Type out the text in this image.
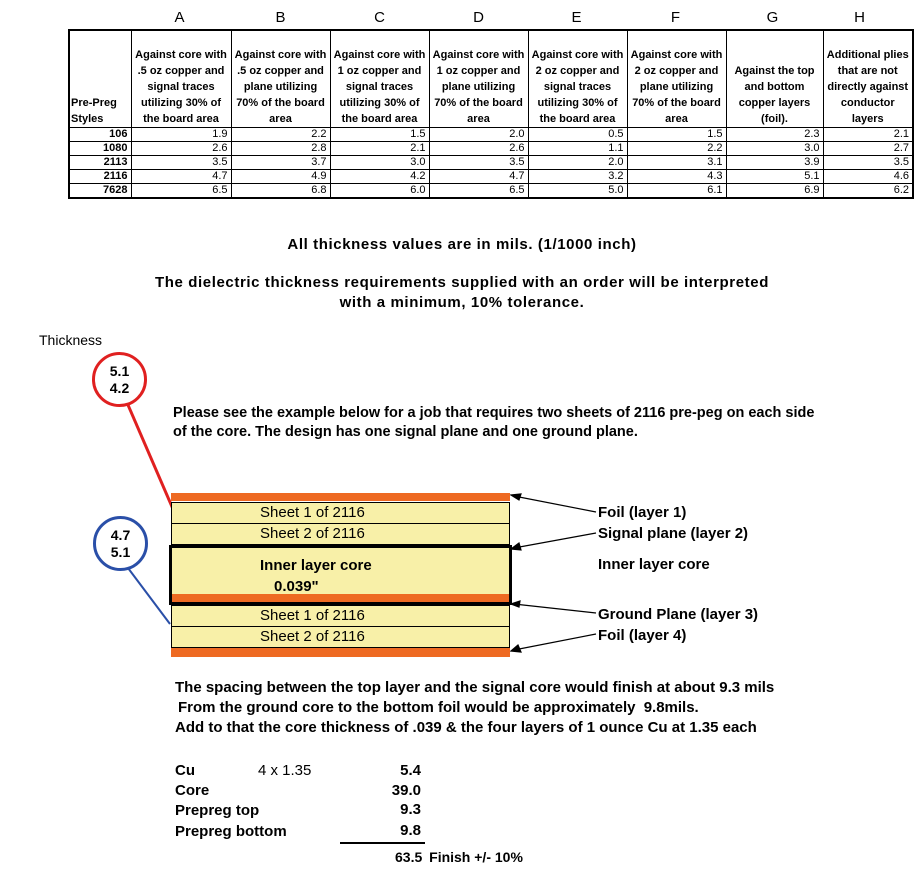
A	B	C	D	E	F	G	H
Pre-Preg Styles	Against core with .5 oz copper and signal traces utilizing 30% of the board area	Against core with .5 oz copper and plane utilizing 70% of the board area	Against core with 1 oz copper and signal traces utilizing 30% of the board area	Against core with 1 oz copper and plane utilizing 70% of the board area	Against core with 2 oz copper and signal traces utilizing 30% of the board area	Against core with 2 oz copper and plane utilizing 70% of the board area	Against the top and bottom copper layers (foil).	Additional plies that are not directly against conductor layers
106	1.9	2.2	1.5	2.0	0.5	1.5	2.3	2.1
1080	2.6	2.8	2.1	2.6	1.1	2.2	3.0	2.7
2113	3.5	3.7	3.0	3.5	2.0	3.1	3.9	3.5
2116	4.7	4.9	4.2	4.7	3.2	4.3	5.1	4.6
7628	6.5	6.8	6.0	6.5	5.0	6.1	6.9	6.2
All thickness values are in mils. (1/1000 inch)
The dielectric thickness requirements supplied with an order will be interpreted
with a minimum, 10% tolerance.
Thickness
5.1
4.2
4.7
5.1
Please see the example below for a job that requires two sheets of 2116 pre-peg on each side
of the core. The design has one signal plane and one ground plane.
Sheet 1 of 2116
Sheet 2 of 2116
Inner layer core
0.039"
Sheet 1 of 2116
Sheet 2 of 2116
Foil (layer 1)
Signal plane (layer 2)
Inner layer core
Ground Plane (layer 3)
Foil (layer 4)
The spacing between the top layer and the signal core would finish at about 9.3 mils
From the ground core to the bottom foil would be approximately 9.8mils.
Add to that the core thickness of .039 & the four layers of 1 ounce Cu at 1.35 each
Cu	4 x 1.35	5.4
Core	39.0
Prepreg top	9.3
Prepreg bottom	9.8
63.5 Finish +/- 10%
